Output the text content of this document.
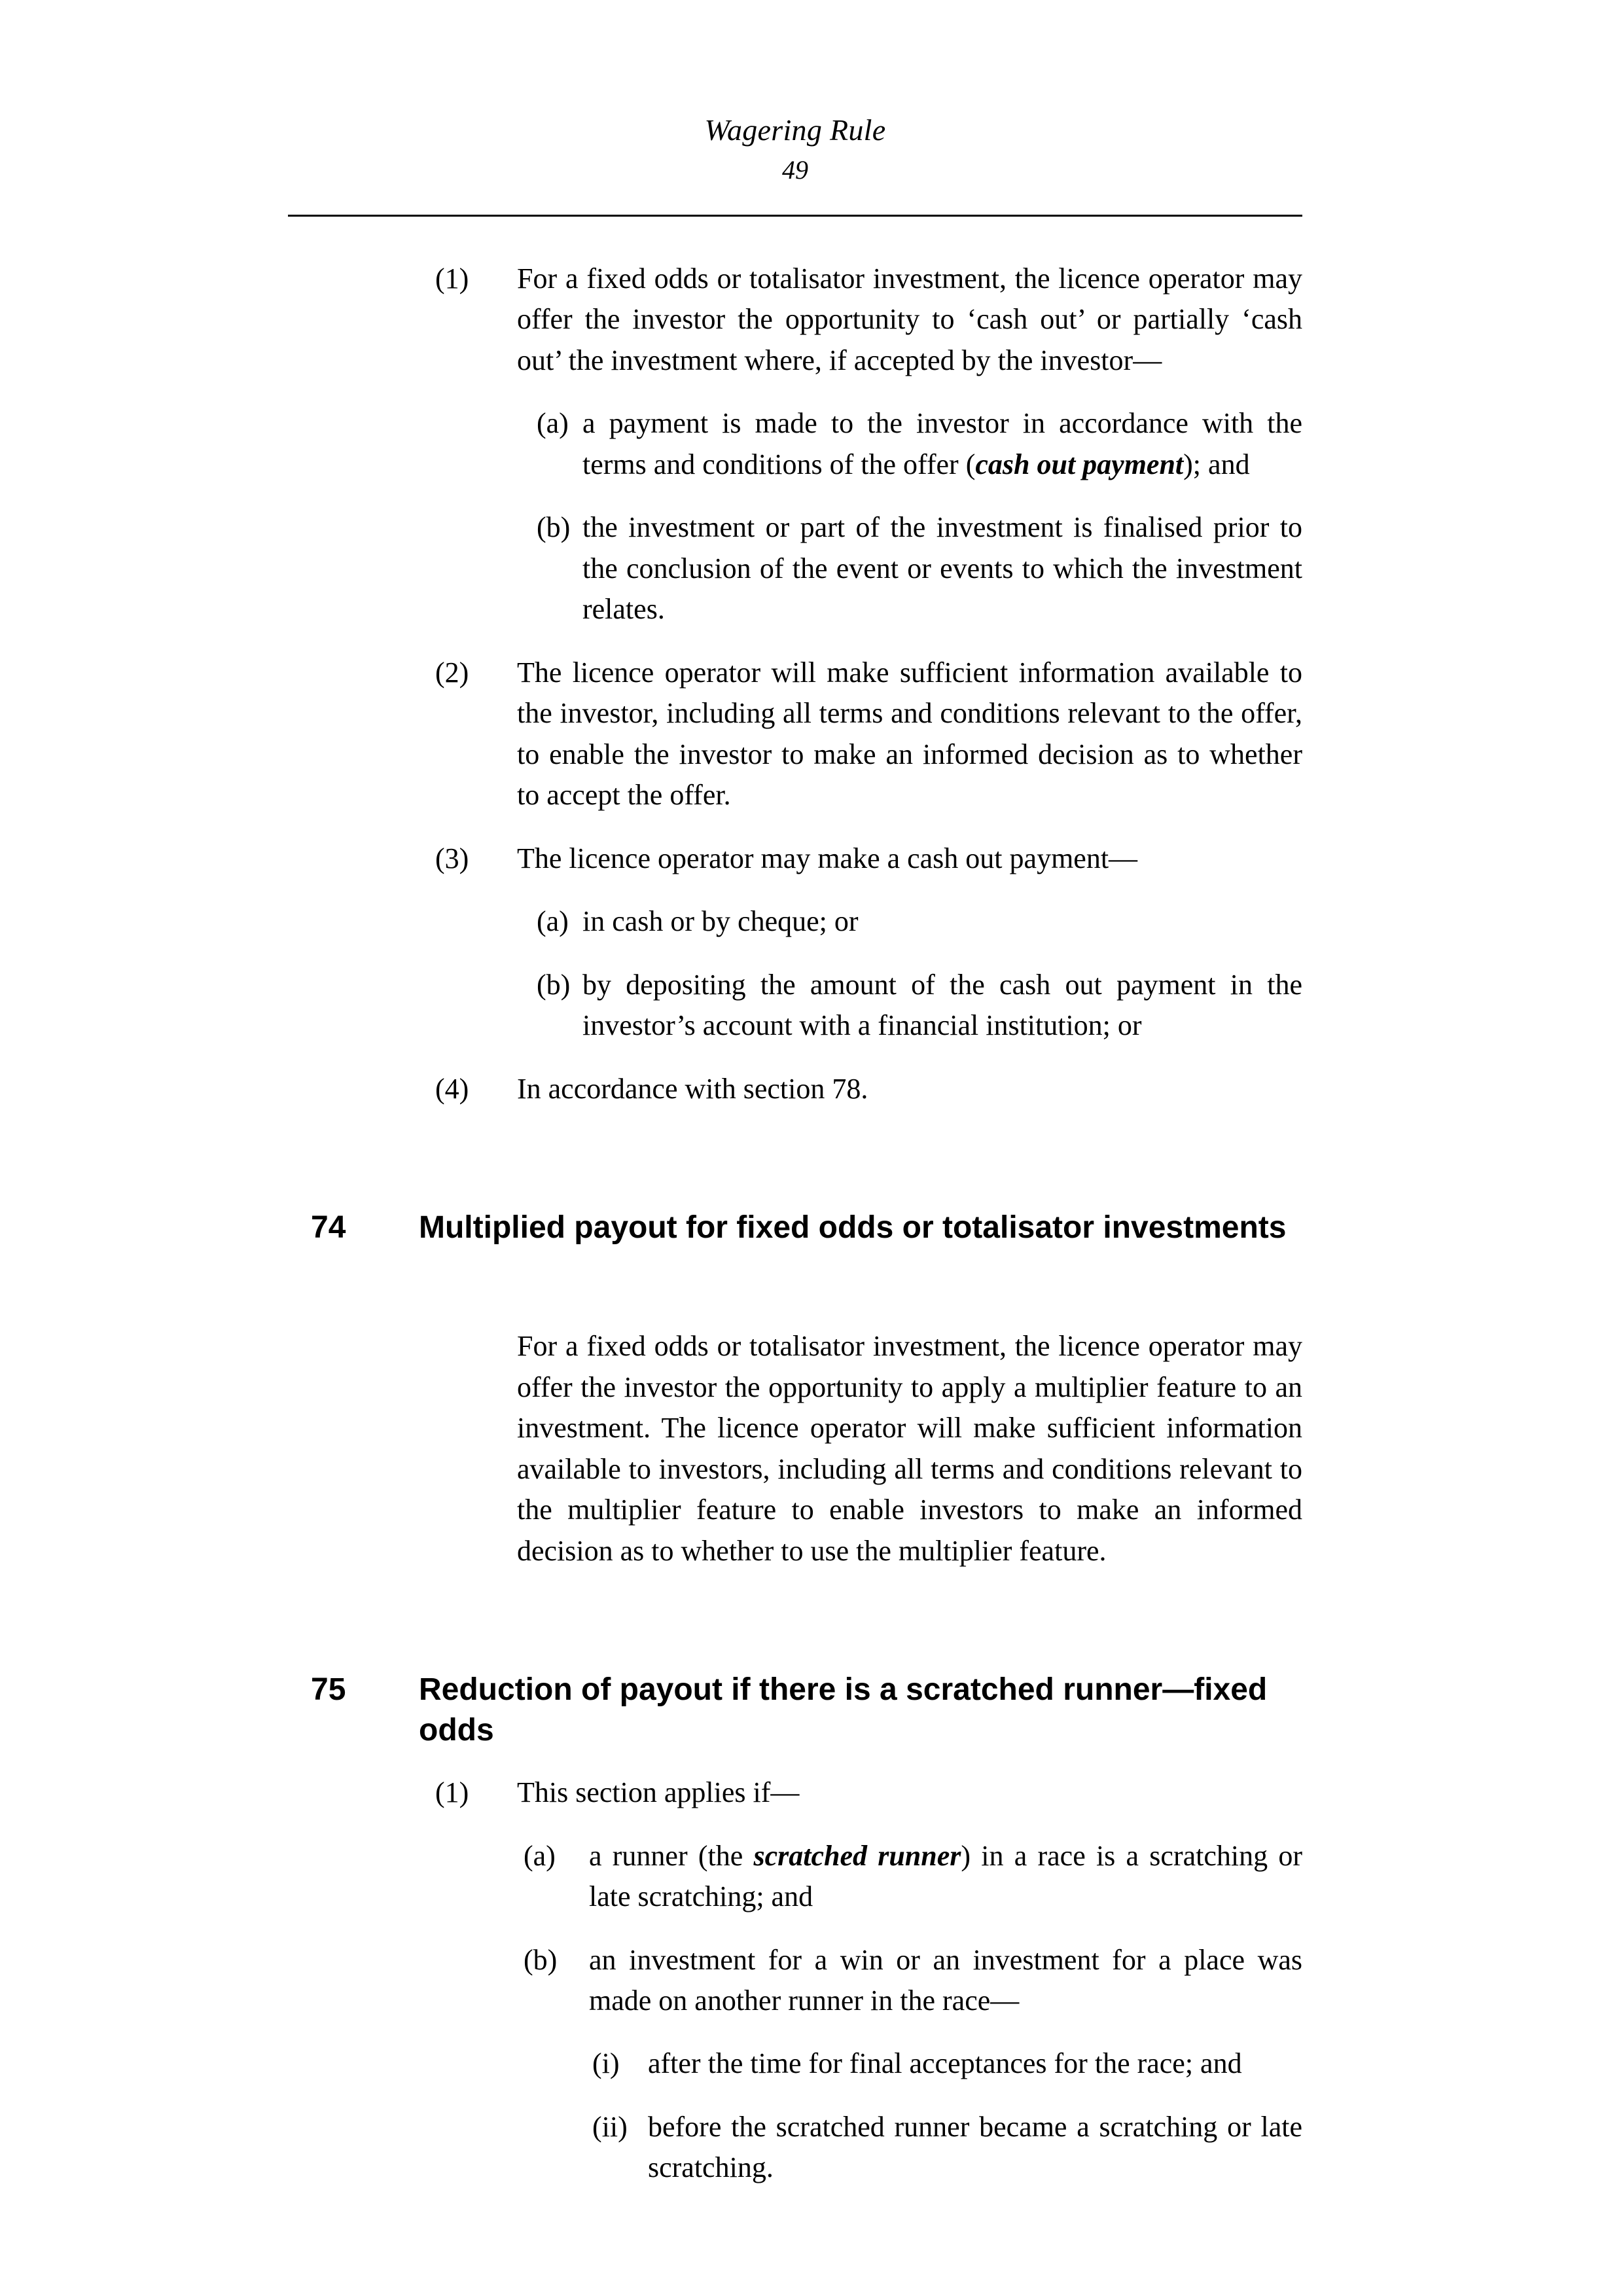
Wagering Rule
49
(1)	For a fixed odds or totalisator investment, the licence operator may offer the investor the opportunity to ‘cash out’ or partially ‘cash out’ the investment where, if accepted by the investor—
(a) a payment is made to the investor in accordance with the terms and conditions of the offer (cash out payment); and
(b) the investment or part of the investment is finalised prior to the conclusion of the event or events to which the investment relates.
(2)	The licence operator will make sufficient information available to the investor, including all terms and conditions relevant to the offer, to enable the investor to make an informed decision as to whether to accept the offer.
(3)	The licence operator may make a cash out payment—
(a) in cash or by cheque; or
(b) by depositing the amount of the cash out payment in the investor’s account with a financial institution; or
(4)	In accordance with section 78.
74	Multiplied payout for fixed odds or totalisator investments
For a fixed odds or totalisator investment, the licence operator may offer the investor the opportunity to apply a multiplier feature to an investment. The licence operator will make sufficient information available to investors, including all terms and conditions relevant to the multiplier feature to enable investors to make an informed decision as to whether to use the multiplier feature.
75	Reduction of payout if there is a scratched runner—fixed odds
(1)	This section applies if—
(a)	a runner (the scratched runner) in a race is a scratching or late scratching; and
(b)	an investment for a win or an investment for a place was made on another runner in the race—
(i) after the time for final acceptances for the race; and
(ii) before the scratched runner became a scratching or late scratching.
